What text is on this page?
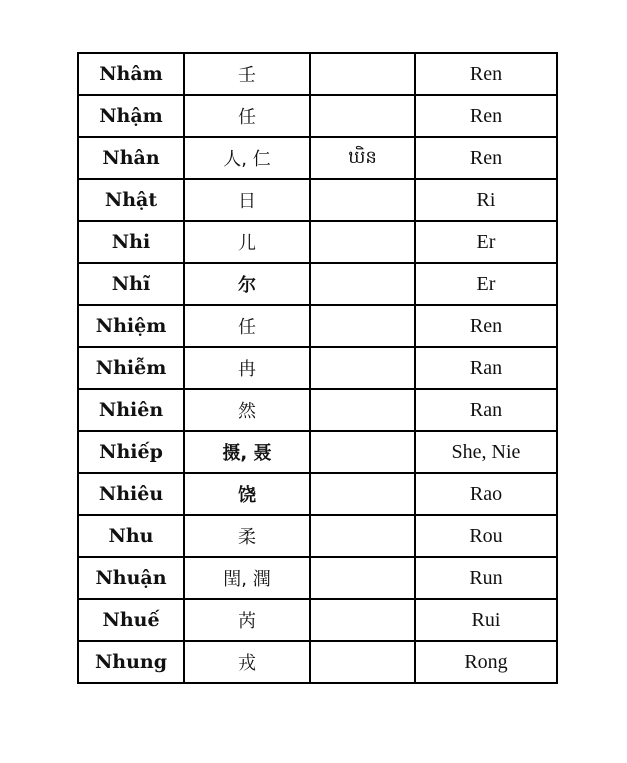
Nhâm	壬		Ren
Nhậm	任		Ren
Nhân	人, 仁	ឃិន	Ren
Nhật	日		Ri
Nhi	儿		Er
Nhĩ	尔		Er
Nhiệm	任		Ren
Nhiễm	冉		Ran
Nhiên	然		Ran
Nhiếp	摄, 聂		She, Nie
Nhiêu	饶		Rao
Nhu	柔		Rou
Nhuận	閏, 潤		Run
Nhuế	芮		Rui
Nhung	戎		Rong
